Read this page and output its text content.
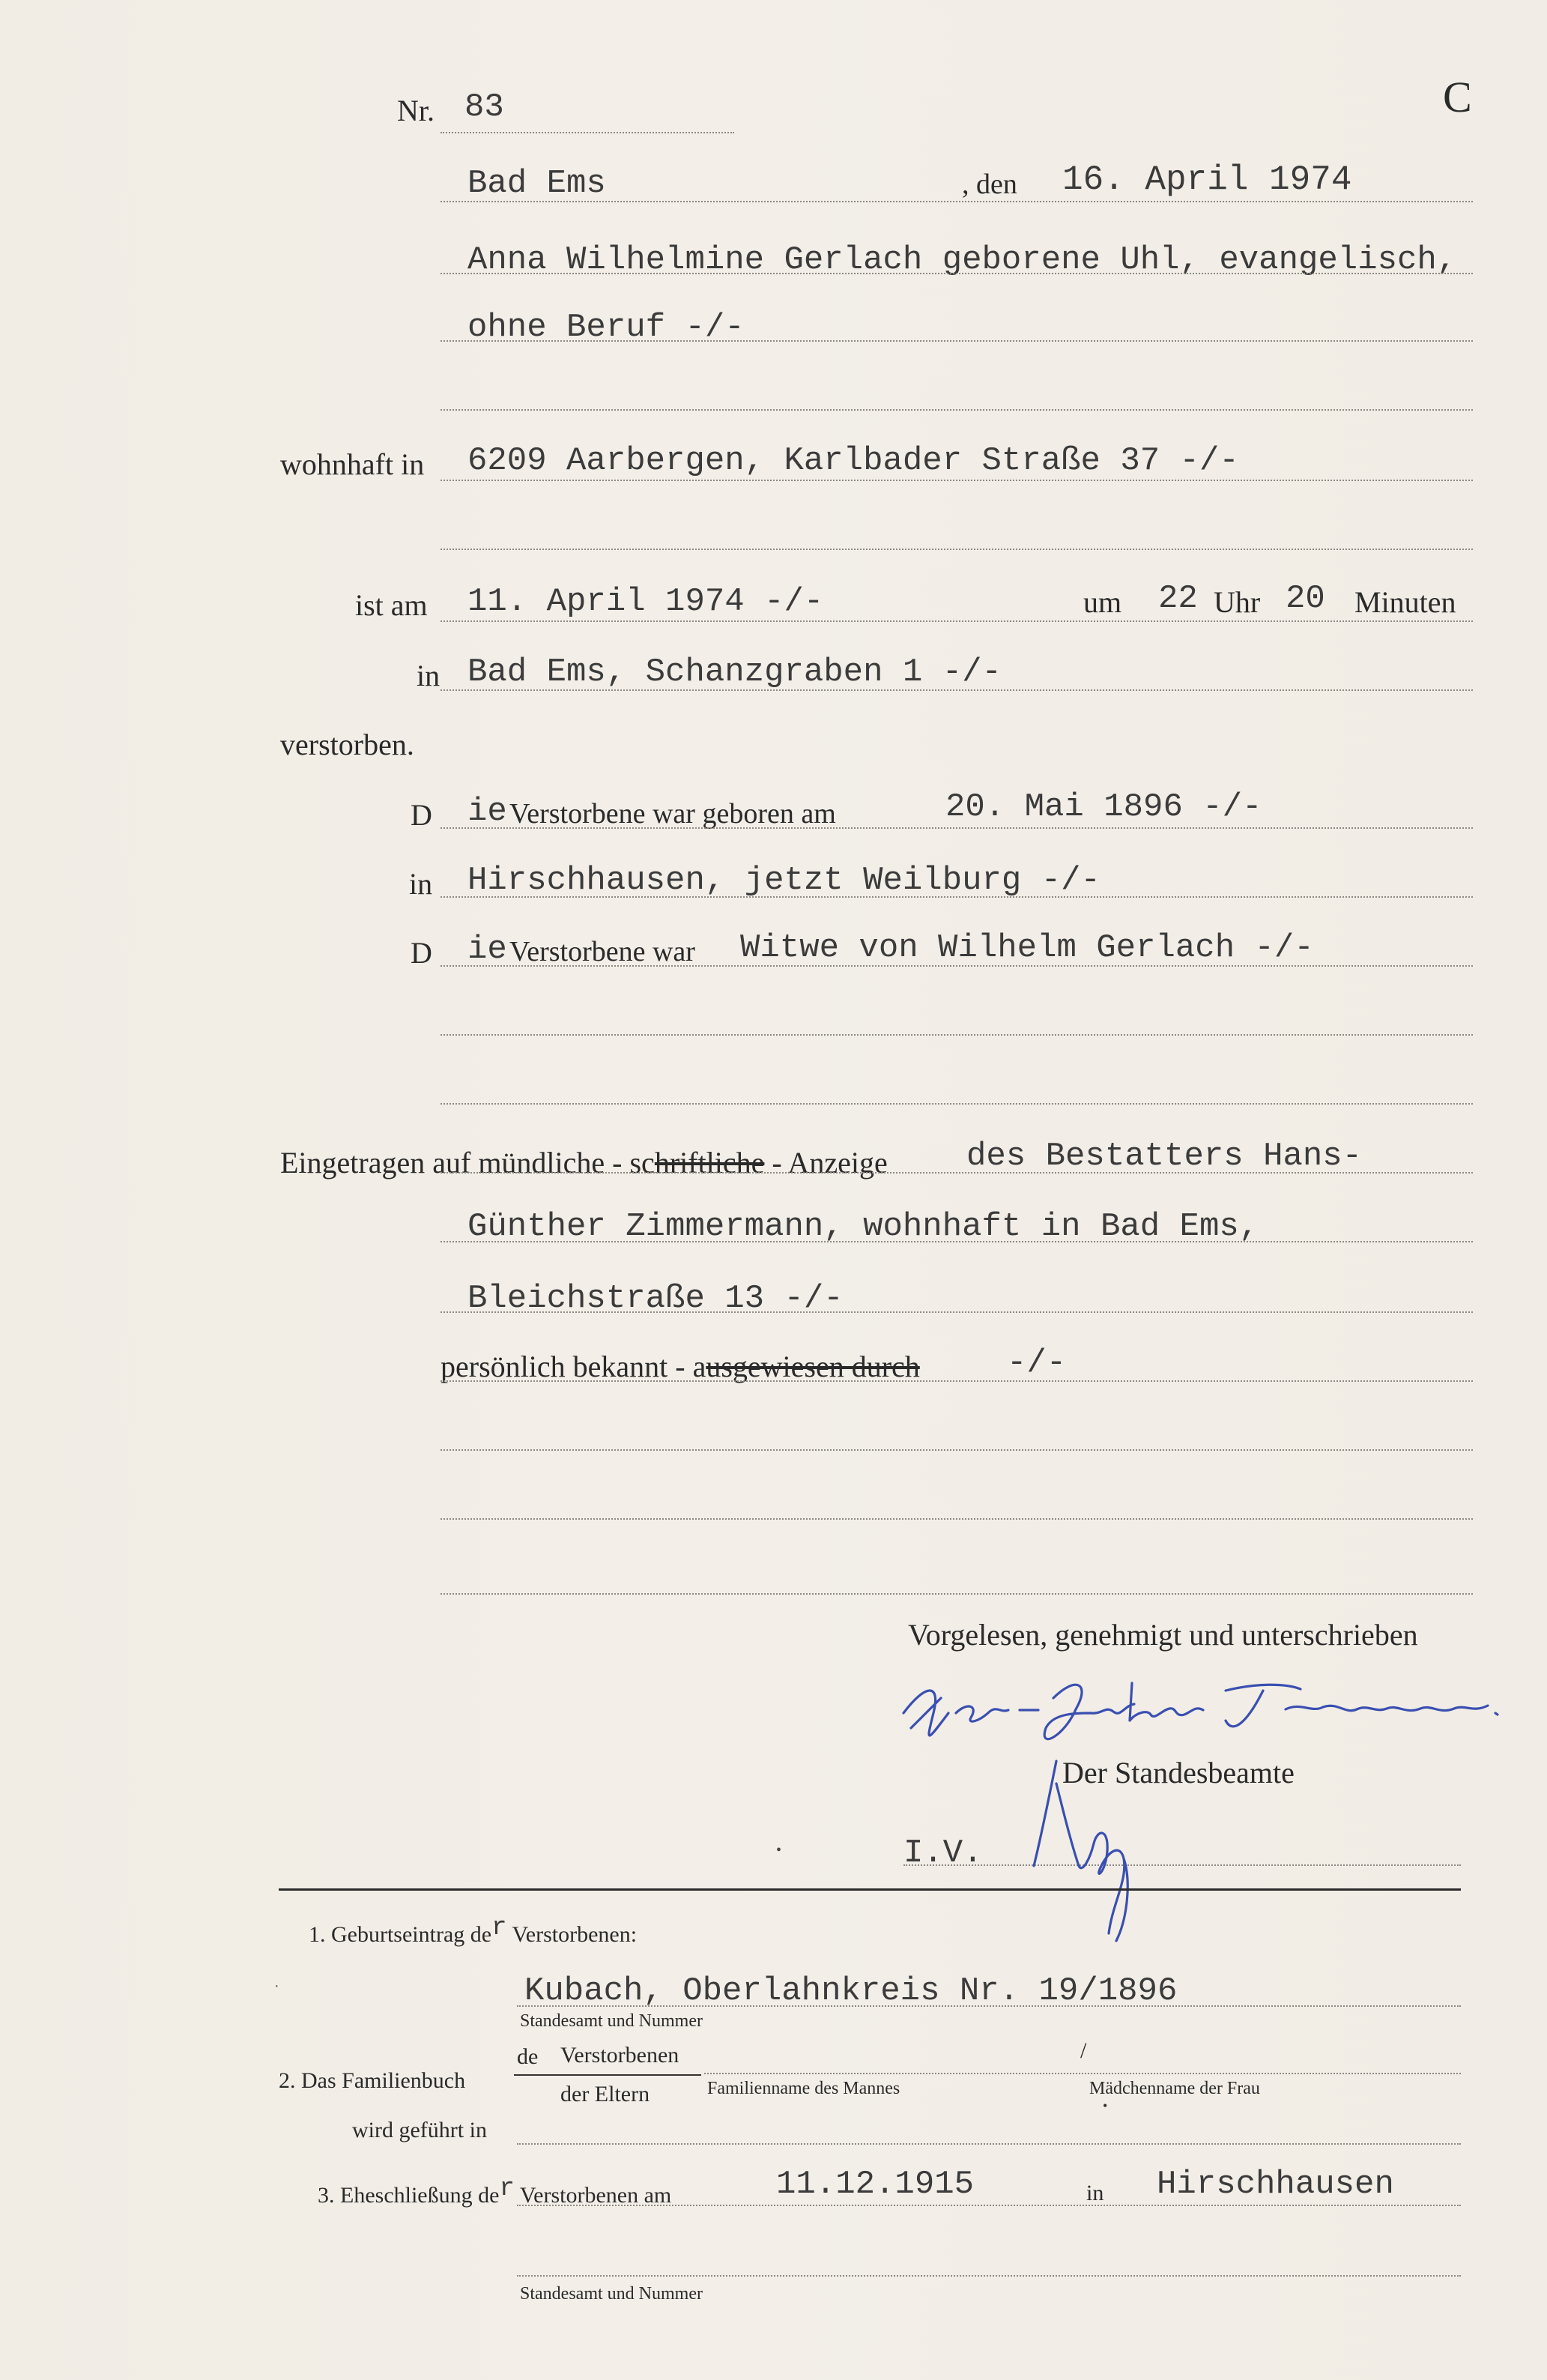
Nr. 83	C
Bad Ems	, den 16. April 1974
Anna Wilhelmine Gerlach geborene Uhl, evangelisch,
ohne Beruf -/-
wohnhaft in 6209 Aarbergen, Karlbader Straße 37 -/-
ist am 11. April 1974 -/-	um 22 Uhr 20 Minuten
in Bad Ems, Schanzgraben 1 -/-
verstorben.
D ie Verstorbene war geboren am	20. Mai 1896 -/-
in Hirschhausen, jetzt Weilburg -/-
D ie Verstorbene war Witwe von Wilhelm Gerlach -/-
Eingetragen auf mündliche - schriftliche - Anzeige des Bestatters Hans-
Günther Zimmermann, wohnhaft in Bad Ems,
Bleichstraße 13 -/-
persönlich bekannt - ausgewiesen durch	-/-
Vorgelesen, genehmigt und unterschrieben
Der Standesbeamte
I.V.
•
1. Geburtseintrag der Verstorbenen:
·	Kubach, Oberlahnkreis Nr. 19/1896
Standesamt und Nummer
2. Das Familienbuch
de Verstorbenen
der Eltern	Familienname des Mannes
/
Mädchenname der Frau
•
wird geführt in
3. Eheschließung der Verstorbenen am	11.12.1915	in Hirschhausen
Standesamt und Nummer
